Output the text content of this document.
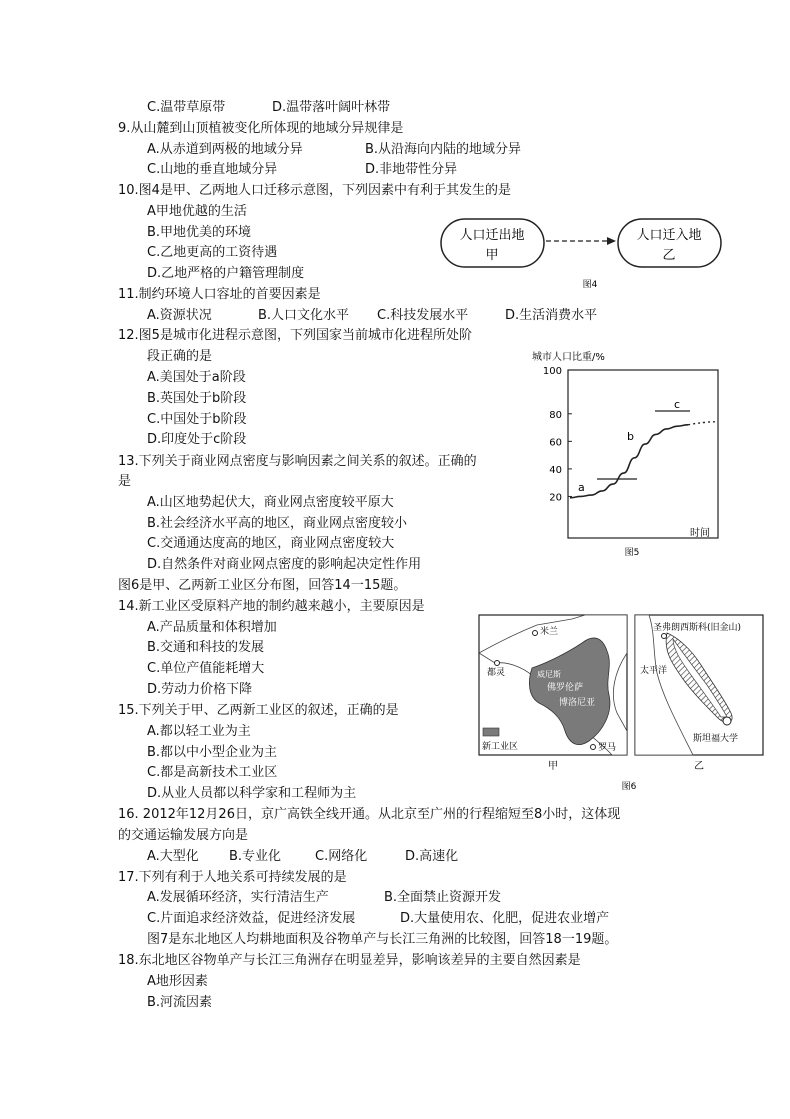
C.温带草原带	D.温带落叶阔叶林带
9.从山麓到山顶植被变化所体现的地域分异规律是
A.从赤道到两极的地域分异	B.从沿海向内陆的地域分异
C.山地的垂直地域分异	D.非地带性分异
10.图4是甲、乙两地人口迁移示意图，下列因素中有利于其发生的是
A甲地优越的生活
B.甲地优美的环境
C.乙地更高的工资待遇
D.乙地严格的户籍管理制度
11.制约环境人口容址的首要因素是
A.资源状况	B.人口文化水平 C.科技发展水平	D.生活消费水平
12.图5是城市化进程示意图，下列国家当前城市化进程所处阶
段正确的是
A.美国处于a阶段
B.英国处于b阶段
C.中国处于b阶段
D.印度处于c阶段
13.下列关于商业网点密度与影响因素之间关系的叙述。正确的
是
A.山区地势起伏大，商业网点密度较平原大
B.社会经济水平高的地区，商业网点密度较小
C.交通通达度高的地区，商业网点密度较大
D.自然条件对商业网点密度的影响起决定性作用
图6是甲、乙两新工业区分布图，回答14一15题。
14.新工业区受原料产地的制约越来越小，主要原因是
A.产品质量和体积增加
B.交通和科技的发展
C.单位产值能耗增大
D.劳动力价格下降
15.下列关于甲、乙两新工业区的叙述，正确的是
A.都以轻工业为主
B.都以中小型企业为主
C.都是高新技术工业区
D.从业人员都以科学家和工程师为主
16. 2012年12月26日，京广高铁全线开通。从北京至广州的行程缩短至8小时，这体现
的交通运输发展方向是
A.大型化 B.专业化	C.网络化	D.高速化
17.下列有利于人地关系可持续发展的是
A.发展循环经济，实行清洁生产	B.全面禁止资源开发
C.片面追求经济效益，促进经济发展	D.大量使用农、化肥，促进农业增产
图7是东北地区人均耕地面积及谷物单产与长江三角洲的比较图，回答18一19题。
18.东北地区谷物单产与长江三角洲存在明显差异，影响该差异的主要自然因素是
A地形因素
B.河流因素
人口迁出地
甲
人口迁入地
乙
图4
城市人口比重/%
20
40
60
80
100
a
b
c
时间
图5
米兰
都灵	威尼斯
佛罗伦萨
博洛尼亚
罗马
新工业区
甲
圣弗朗西斯科(旧金山)
太平洋
斯坦福大学
乙
图6
